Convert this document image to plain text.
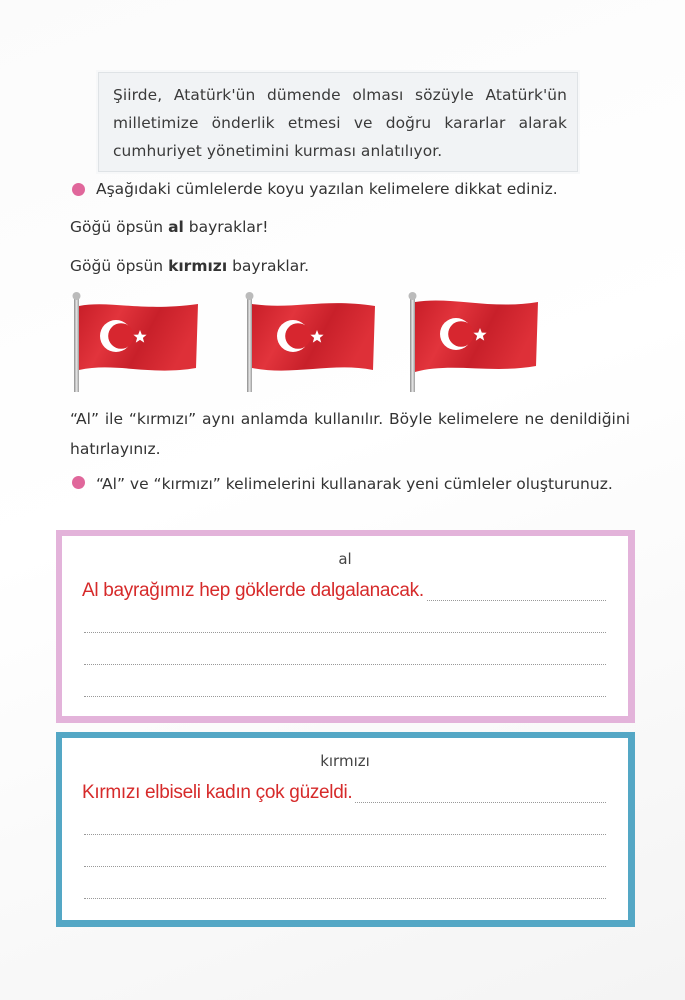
Şiirde, Atatürk'ün dümende olması sözüyle Atatürk'ün milletimize önderlik etmesi ve doğru kararlar alarak cumhuriyet yönetimini kurması anlatılıyor.

Aşağıdaki cümlelerde koyu yazılan kelimelere dikkat ediniz.
Göğü öpsün al bayraklar!
Göğü öpsün kırmızı bayraklar.
“Al” ile “kırmızı” aynı anlamda kullanılır. Böyle kelimelere ne denildiğini hatırlayınız.
“Al” ve “kırmızı” kelimelerini kullanarak yeni cümleler oluşturunuz.
al
Al bayrağımız hep göklerde dalgalanacak.
kırmızı
Kırmızı elbiseli kadın çok güzeldi.
